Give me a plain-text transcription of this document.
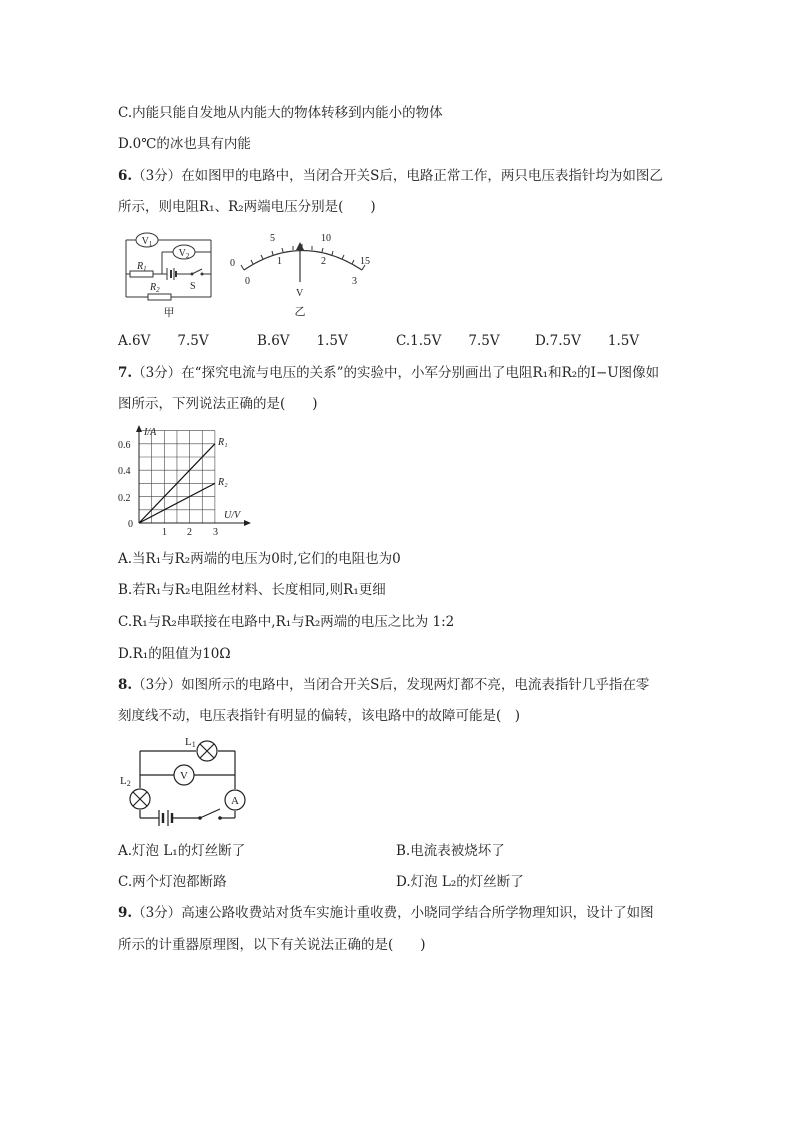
C.内能只能自发地从内能大的物体转移到内能小的物体
D.0℃的冰也具有内能
6.（3分）在如图甲的电路中，当闭合开关S后，电路正常工作，两只电压表指针均为如图乙
所示，则电阻R₁、R₂两端电压分别是(　　)
$V_1$
$V_2$
$R_1$
S
$R_2$
甲
0
5	10
15
0
1	2
3
V
乙
A.6V　　7.5V	B.6V　　1.5V	C.1.5V　　7.5V	D.7.5V　　1.5V
7.（3分）在“探究电流与电压的关系”的实验中，小军分别画出了电阻R₁和R₂的I−U图像如
图所示，下列说法正确的是(　　)
I/A
U/V
0.6
0.4
0.2
0
1 2 3
R₁
R₂
A.当R₁与R₂两端的电压为0时,它们的电阻也为0
B.若R₁与R₂电阻丝材料、长度相同,则R₁更细
C.R₁与R₂串联接在电路中,R₁与R₂两端的电压之比为 1:2
D.R₁的阻值为10Ω
8.（3分）如图所示的电路中，当闭合开关S后，发现两灯都不亮，电流表指针几乎指在零
刻度线不动，电压表指针有明显的偏转，该电路中的故障可能是(　)
L1
L2
V
A
A.灯泡 L₁的灯丝断了	B.电流表被烧坏了
C.两个灯泡都断路	D.灯泡 L₂的灯丝断了
9.（3分）高速公路收费站对货车实施计重收费，小晓同学结合所学物理知识，设计了如图
所示的计重器原理图，以下有关说法正确的是(　　)
